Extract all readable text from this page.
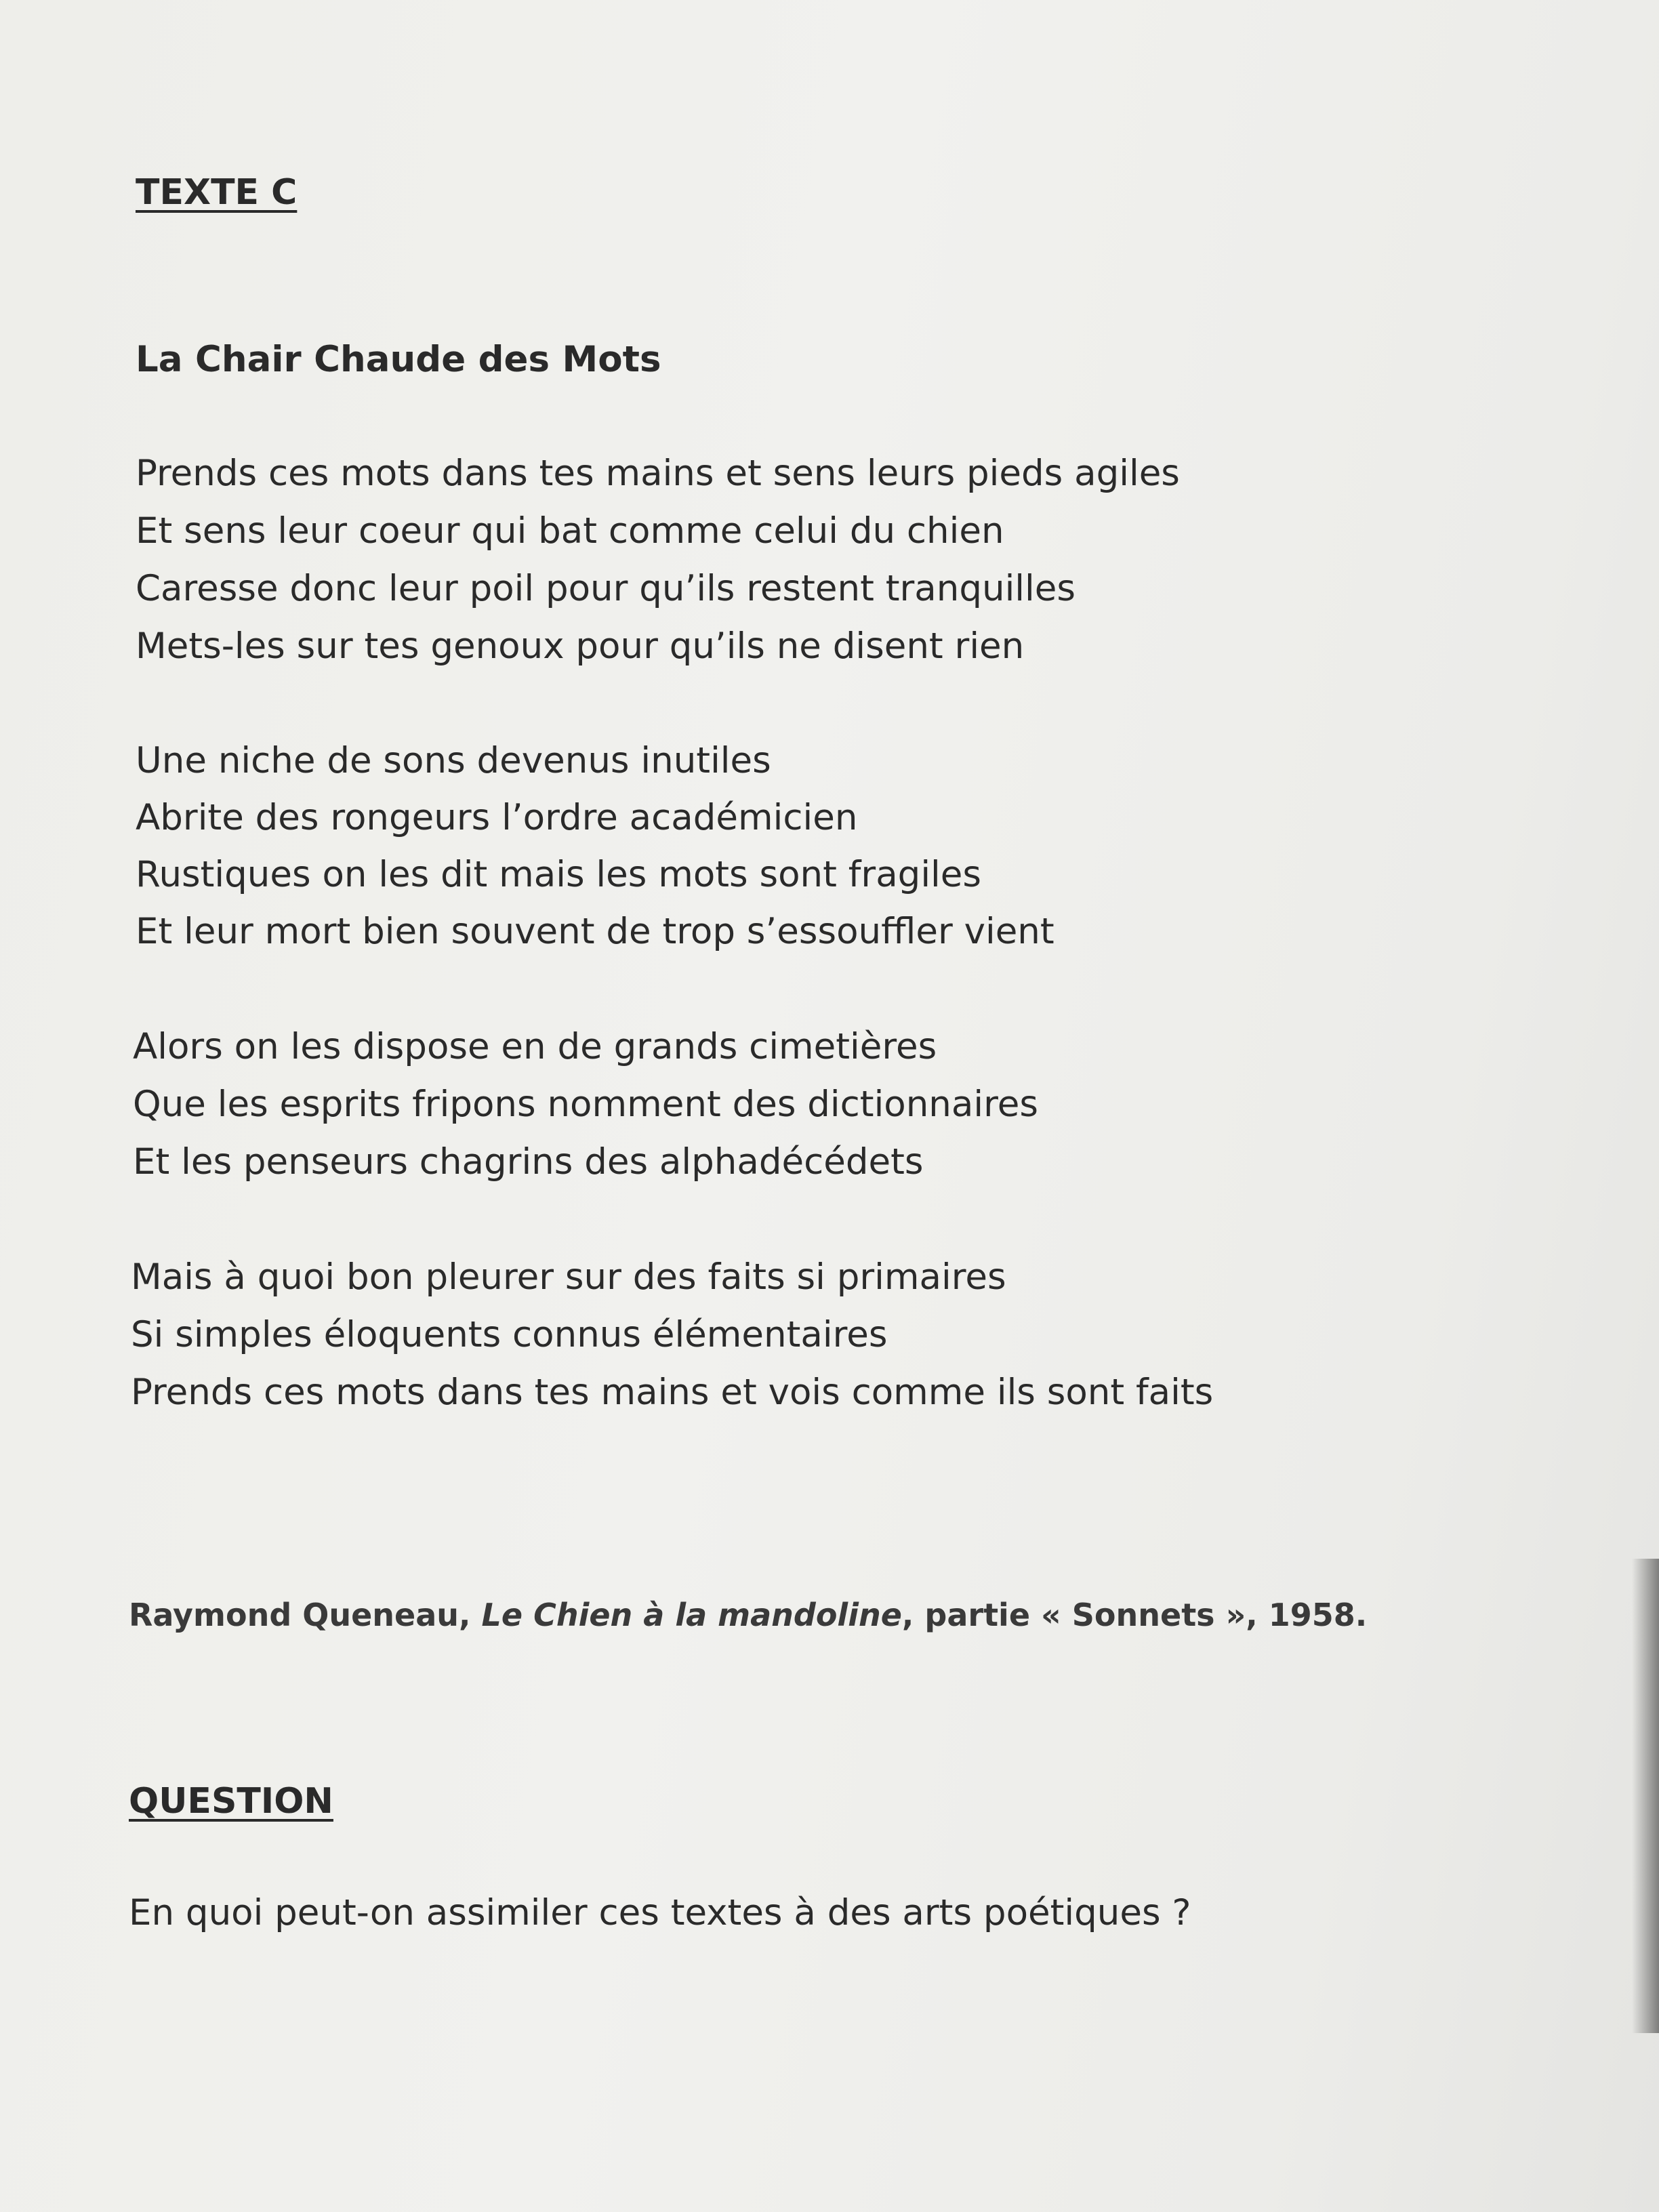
TEXTE C
La Chair Chaude des Mots
Prends ces mots dans tes mains et sens leurs pieds agiles
Et sens leur coeur qui bat comme celui du chien
Caresse donc leur poil pour qu’ils restent tranquilles
Mets-les sur tes genoux pour qu’ils ne disent rien
Une niche de sons devenus inutiles
Abrite des rongeurs l’ordre académicien
Rustiques on les dit mais les mots sont fragiles
Et leur mort bien souvent de trop s’essouffler vient
Alors on les dispose en de grands cimetières
Que les esprits fripons nomment des dictionnaires
Et les penseurs chagrins des alphadécédets
Mais à quoi bon pleurer sur des faits si primaires
Si simples éloquents connus élémentaires
Prends ces mots dans tes mains et vois comme ils sont faits
Raymond Queneau, Le Chien à la mandoline, partie « Sonnets », 1958.
QUESTION
En quoi peut-on assimiler ces textes à des arts poétiques ?
